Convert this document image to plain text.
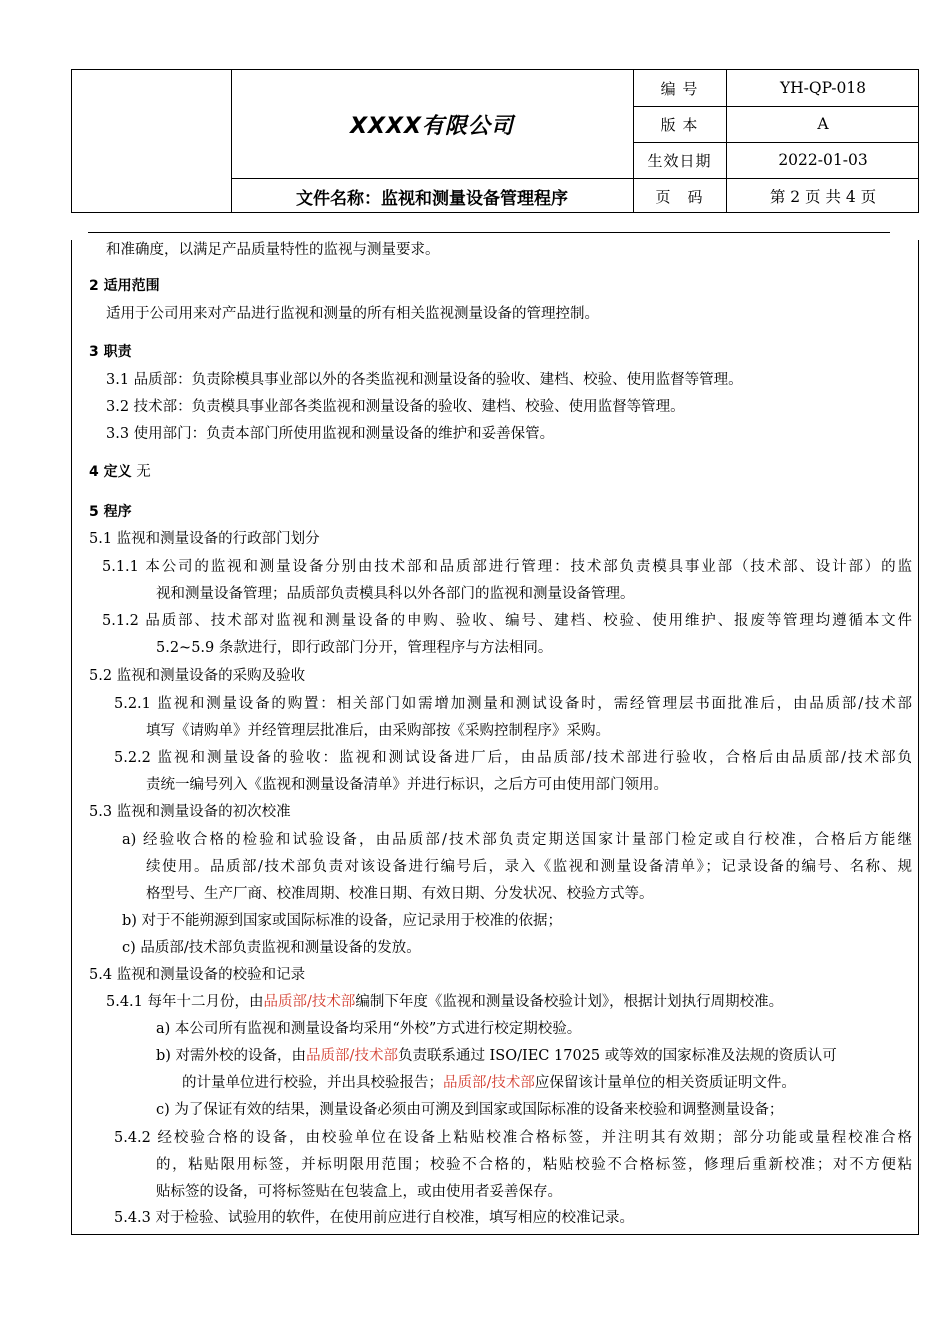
XXXX有限公司
文件名称：监视和测量设备管理程序
编 号	YH-QP-018
版 本	A
生效日期	2022-01-03
页　码	第 2 页 共 4 页
和准确度，以满足产品质量特性的监视与测量要求。
2 适用范围
适用于公司用来对产品进行监视和测量的所有相关监视测量设备的管理控制。
3 职责
3.1 品质部：负责除模具事业部以外的各类监视和测量设备的验收、建档、校验、使用监督等管理。
3.2 技术部：负责模具事业部各类监视和测量设备的验收、建档、校验、使用监督等管理。
3.3 使用部门：负责本部门所使用监视和测量设备的维护和妥善保管。
4 定义 无
5 程序
5.1 监视和测量设备的行政部门划分
5.1.1 本公司的监视和测量设备分别由技术部和品质部进行管理：技术部负责模具事业部（技术部、设计部）的监
视和测量设备管理；品质部负责模具科以外各部门的监视和测量设备管理。
5.1.2 品质部、技术部对监视和测量设备的申购、验收、编号、建档、校验、使用维护、报废等管理均遵循本文件
5.2~5.9 条款进行，即行政部门分开，管理程序与方法相同。
5.2 监视和测量设备的采购及验收
5.2.1 监视和测量设备的购置：相关部门如需增加测量和测试设备时，需经管理层书面批准后，由品质部/技术部
填写《请购单》并经管理层批准后，由采购部按《采购控制程序》采购。
5.2.2 监视和测量设备的验收：监视和测试设备进厂后，由品质部/技术部进行验收，合格后由品质部/技术部负
责统一编号列入《监视和测量设备清单》并进行标识，之后方可由使用部门领用。
5.3 监视和测量设备的初次校准
a) 经验收合格的检验和试验设备，由品质部/技术部负责定期送国家计量部门检定或自行校准，合格后方能继
续使用。品质部/技术部负责对该设备进行编号后，录入《监视和测量设备清单》；记录设备的编号、名称、规
格型号、生产厂商、校准周期、校准日期、有效日期、分发状况、校验方式等。
b) 对于不能朔源到国家或国际标准的设备，应记录用于校准的依据；
c) 品质部/技术部负责监视和测量设备的发放。
5.4 监视和测量设备的校验和记录
5.4.1 每年十二月份，由品质部/技术部编制下年度《监视和测量设备校验计划》，根据计划执行周期校准。
a) 本公司所有监视和测量设备均采用“外校”方式进行校定期校验。
b) 对需外校的设备，由品质部/技术部负责联系通过 ISO/IEC 17025 或等效的国家标准及法规的资质认可
的计量单位进行校验，并出具校验报告；品质部/技术部应保留该计量单位的相关资质证明文件。
c) 为了保证有效的结果，测量设备必须由可溯及到国家或国际标准的设备来校验和调整测量设备；
5.4.2 经校验合格的设备，由校验单位在设备上粘贴校准合格标签，并注明其有效期；部分功能或量程校准合格
的，粘贴限用标签，并标明限用范围；校验不合格的，粘贴校验不合格标签，修理后重新校准；对不方便粘
贴标签的设备，可将标签贴在包装盒上，或由使用者妥善保存。
5.4.3 对于检验、试验用的软件，在使用前应进行自校准，填写相应的校准记录。
